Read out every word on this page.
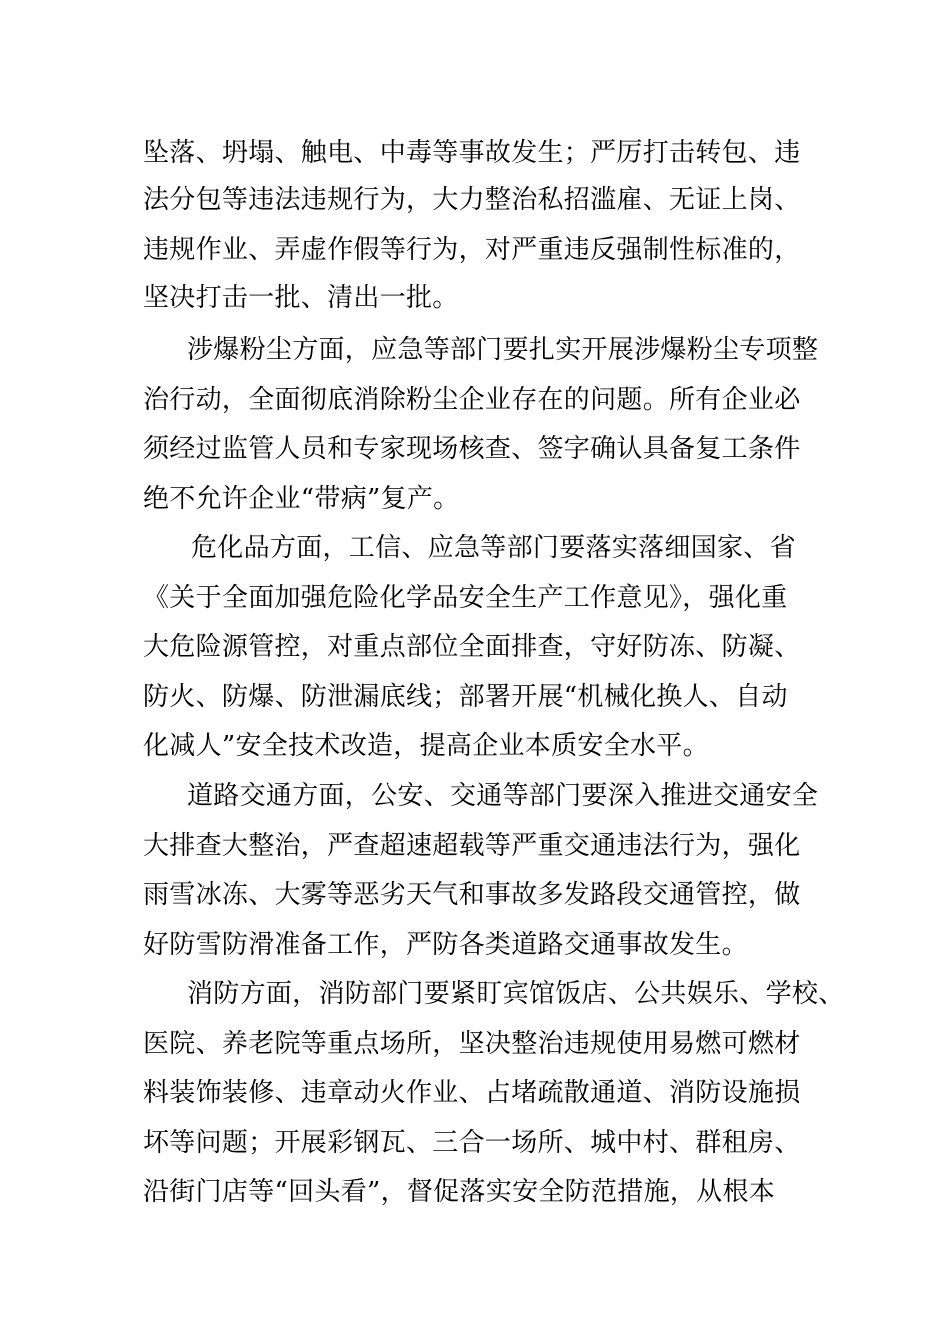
坠落、坍塌、触电、中毒等事故发生；严厉打击转包、违
法分包等违法违规行为，大力整治私招滥雇、无证上岗、
违规作业、弄虚作假等行为，对严重违反强制性标准的，
坚决打击一批、清出一批。
涉爆粉尘方面，应急等部门要扎实开展涉爆粉尘专项整
治行动，全面彻底消除粉尘企业存在的问题。所有企业必
须经过监管人员和专家现场核查、签字确认具备复工条件
绝不允许企业“带病”复产。
危化品方面，工信、应急等部门要落实落细国家、省
《关于全面加强危险化学品安全生产工作意见》，强化重
大危险源管控，对重点部位全面排查，守好防冻、防凝、
防火、防爆、防泄漏底线；部署开展“机械化换人、自动
化减人”安全技术改造，提高企业本质安全水平。
道路交通方面，公安、交通等部门要深入推进交通安全
大排查大整治，严查超速超载等严重交通违法行为，强化
雨雪冰冻、大雾等恶劣天气和事故多发路段交通管控，做
好防雪防滑准备工作，严防各类道路交通事故发生。
消防方面，消防部门要紧盯宾馆饭店、公共娱乐、学校、
医院、养老院等重点场所，坚决整治违规使用易燃可燃材
料装饰装修、违章动火作业、占堵疏散通道、消防设施损
坏等问题；开展彩钢瓦、三合一场所、城中村、群租房、
沿街门店等“回头看”，督促落实安全防范措施，从根本
